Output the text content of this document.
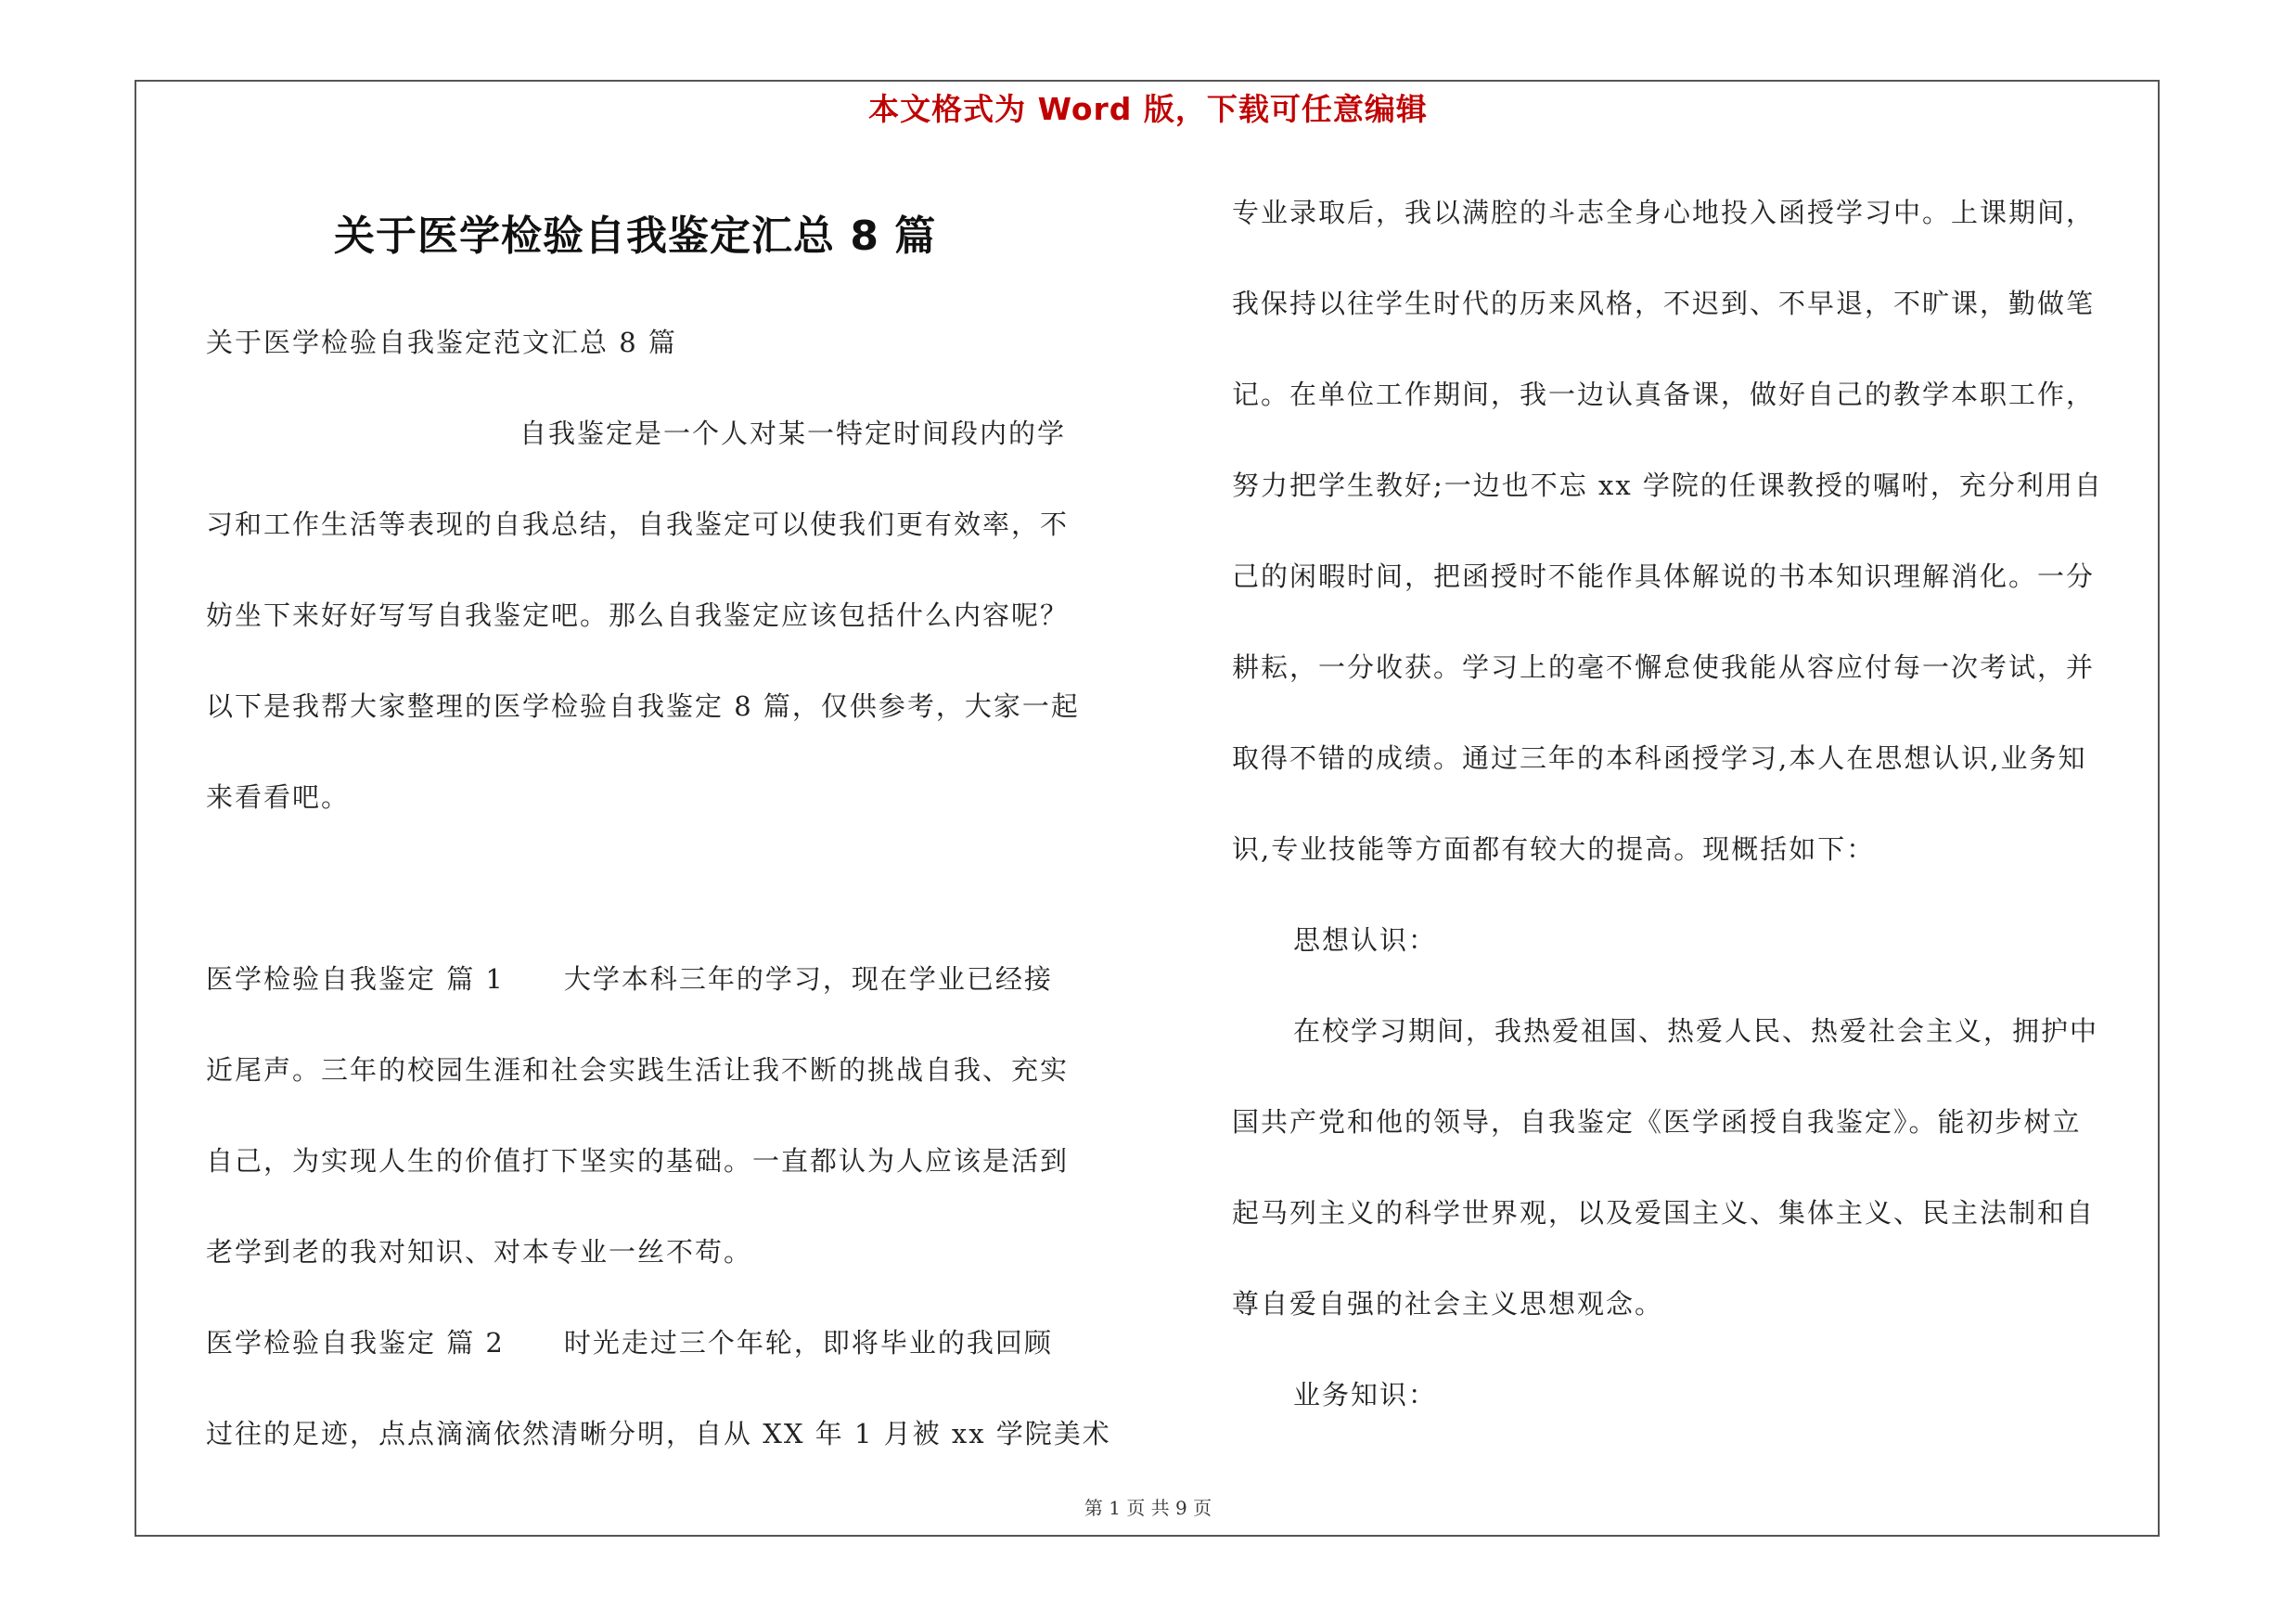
本文格式为 Word 版，下载可任意编辑
关于医学检验自我鉴定汇总 8 篇

关于医学检验自我鉴定范文汇总 8 篇

自我鉴定是一个人对某一特定时间段内的学

习和工作生活等表现的自我总结，自我鉴定可以使我们更有效率，不

妨坐下来好好写写自我鉴定吧。那么自我鉴定应该包括什么内容呢？

以下是我帮大家整理的医学检验自我鉴定 8 篇，仅供参考，大家一起

来看看吧。

医学检验自我鉴定 篇 1 大学本科三年的学习，现在学业已经接

近尾声。三年的校园生涯和社会实践生活让我不断的挑战自我、充实

自己，为实现人生的价值打下坚实的基础。一直都认为人应该是活到

老学到老的我对知识、对本专业一丝不苟。

医学检验自我鉴定 篇 2 时光走过三个年轮，即将毕业的我回顾

过往的足迹，点点滴滴依然清晰分明，自从 XX 年 1 月被 xx 学院美术

专业录取后，我以满腔的斗志全身心地投入函授学习中。上课期间，

我保持以往学生时代的历来风格，不迟到、不早退，不旷课，勤做笔

记。在单位工作期间，我一边认真备课，做好自己的教学本职工作，

努力把学生教好;一边也不忘 xx 学院的任课教授的嘱咐，充分利用自

己的闲暇时间，把函授时不能作具体解说的书本知识理解消化。一分

耕耘，一分收获。学习上的毫不懈怠使我能从容应付每一次考试，并

取得不错的成绩。通过三年的本科函授学习,本人在思想认识,业务知

识,专业技能等方面都有较大的提高。现概括如下：

思想认识：

在校学习期间，我热爱祖国、热爱人民、热爱社会主义，拥护中

国共产党和他的领导，自我鉴定《医学函授自我鉴定》。能初步树立

起马列主义的科学世界观，以及爱国主义、集体主义、民主法制和自

尊自爱自强的社会主义思想观念。

业务知识：

第 1 页 共 9 页
